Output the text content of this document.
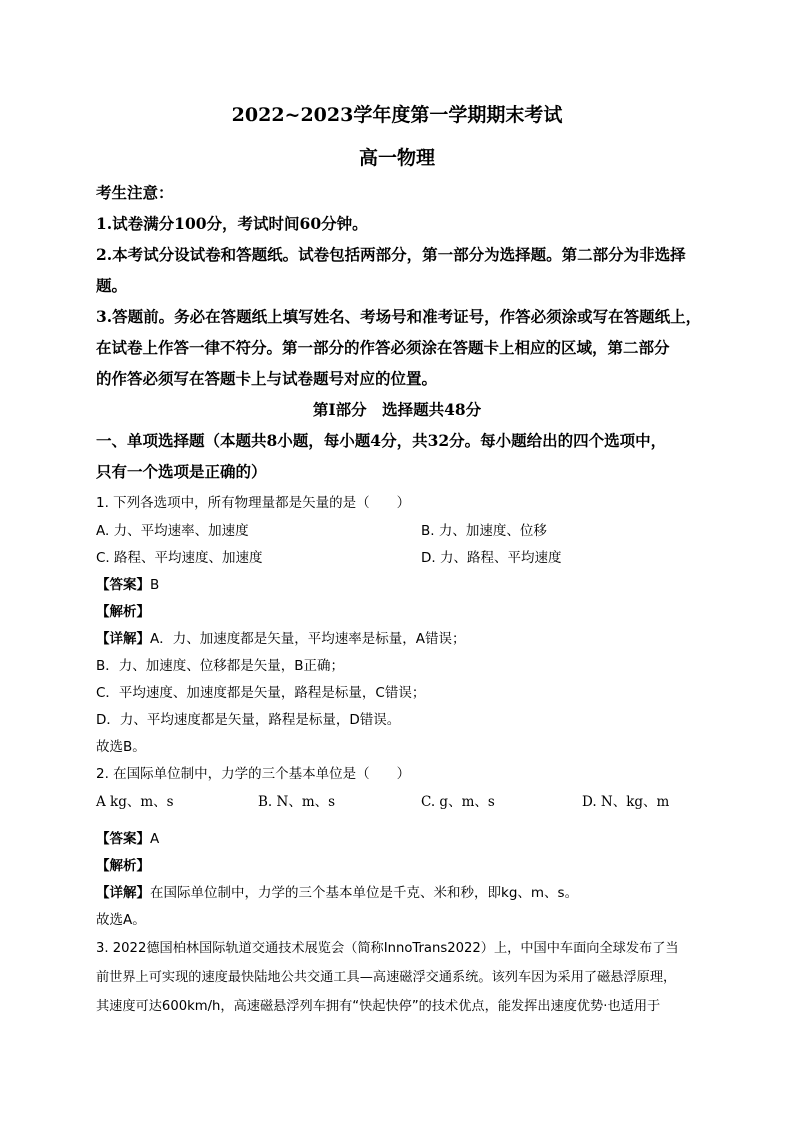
2022~2023学年度第一学期期末考试
高一物理
考生注意：
1.试卷满分100分，考试时间60分钟。
2.本考试分设试卷和答题纸。试卷包括两部分，第一部分为选择题。第二部分为非选择
题。
3.答题前。务必在答题纸上填写姓名、考场号和准考证号，作答必须涂或写在答题纸上，
在试卷上作答一律不符分。第一部分的作答必须涂在答题卡上相应的区域，第二部分
的作答必须写在答题卡上与试卷题号对应的位置。
第Ⅰ部分　选择题共48分
一、单项选择题（本题共8小题，每小题4分，共32分。每小题给出的四个选项中，
只有一个选项是正确的）
1. 下列各选项中，所有物理量都是矢量的是（　　）
A. 力、平均速率、加速度	B. 力、加速度、位移
C. 路程、平均速度、加速度	D. 力、路程、平均速度
【答案】B
【解析】
【详解】A．力、加速度都是矢量，平均速率是标量，A错误；
B．力、加速度、位移都是矢量，B正确；
C．平均速度、加速度都是矢量，路程是标量，C错误；
D．力、平均速度都是矢量，路程是标量，D错误。
故选B。
2. 在国际单位制中，力学的三个基本单位是（　　）
A kg、m、s	B. N、m、s	C. g、m、s	D. N、kg、m
【答案】A
【解析】
【详解】在国际单位制中，力学的三个基本单位是千克、米和秒，即kg、m、s。
故选A。
3. 2022德国柏林国际轨道交通技术展览会（简称InnoTrans2022）上，中国中车面向全球发布了当
前世界上可实现的速度最快陆地公共交通工具—高速磁浮交通系统。该列车因为采用了磁悬浮原理，
其速度可达600km/h，高速磁悬浮列车拥有“快起快停”的技术优点，能发挥出速度优势·也适用于
